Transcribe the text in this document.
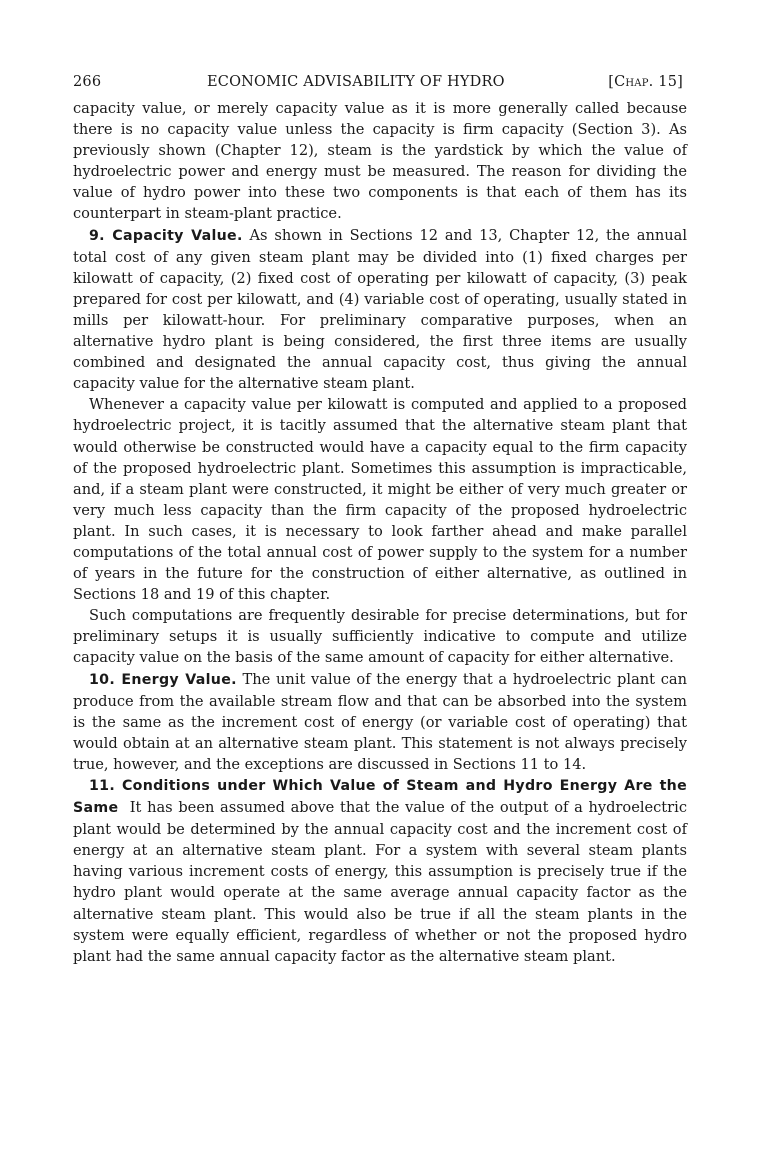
266	ECONOMIC ADVISABILITY OF HYDRO	[Chap. 15]

capacity value, or merely capacity value as it is more generally called because there is no capacity value unless the capacity is firm capacity (Section 3). As previously shown (Chapter 12), steam is the yardstick by which the value of hydroelectric power and energy must be measured. The reason for dividing the value of hydro power into these two components is that each of them has its counterpart in steam-plant practice.

9. Capacity Value. As shown in Sections 12 and 13, Chapter 12, the annual total cost of any given steam plant may be divided into (1) fixed charges per kilowatt of capacity, (2) fixed cost of operating per kilowatt of capacity, (3) peak prepared for cost per kilowatt, and (4) variable cost of operating, usually stated in mills per kilowatt-hour. For preliminary comparative purposes, when an alternative hydro plant is being considered, the first three items are usually combined and designated the annual capacity cost, thus giving the annual capacity value for the alternative steam plant.

Whenever a capacity value per kilowatt is computed and applied to a proposed hydroelectric project, it is tacitly assumed that the alternative steam plant that would otherwise be constructed would have a capacity equal to the firm capacity of the proposed hydroelectric plant. Sometimes this assumption is impracticable, and, if a steam plant were constructed, it might be either of very much greater or very much less capacity than the firm capacity of the proposed hydroelectric plant. In such cases, it is necessary to look farther ahead and make parallel computations of the total annual cost of power supply to the system for a number of years in the future for the construction of either alternative, as outlined in Sections 18 and 19 of this chapter.

Such computations are frequently desirable for precise determinations, but for preliminary setups it is usually sufficiently indicative to compute and utilize capacity value on the basis of the same amount of capacity for either alternative.

10. Energy Value. The unit value of the energy that a hydroelectric plant can produce from the available stream flow and that can be absorbed into the system is the same as the increment cost of energy (or variable cost of operating) that would obtain at an alternative steam plant. This statement is not always precisely true, however, and the exceptions are discussed in Sections 11 to 14.

11. Conditions under Which Value of Steam and Hydro Energy Are the Same It has been assumed above that the value of the output of a hydroelectric plant would be determined by the annual capacity cost and the increment cost of energy at an alternative steam plant. For a system with several steam plants having various increment costs of energy, this assumption is precisely true if the hydro plant would operate at the same average annual capacity factor as the alternative steam plant. This would also be true if all the steam plants in the system were equally efficient, regardless of whether or not the proposed hydro plant had the same annual capacity factor as the alternative steam plant.
